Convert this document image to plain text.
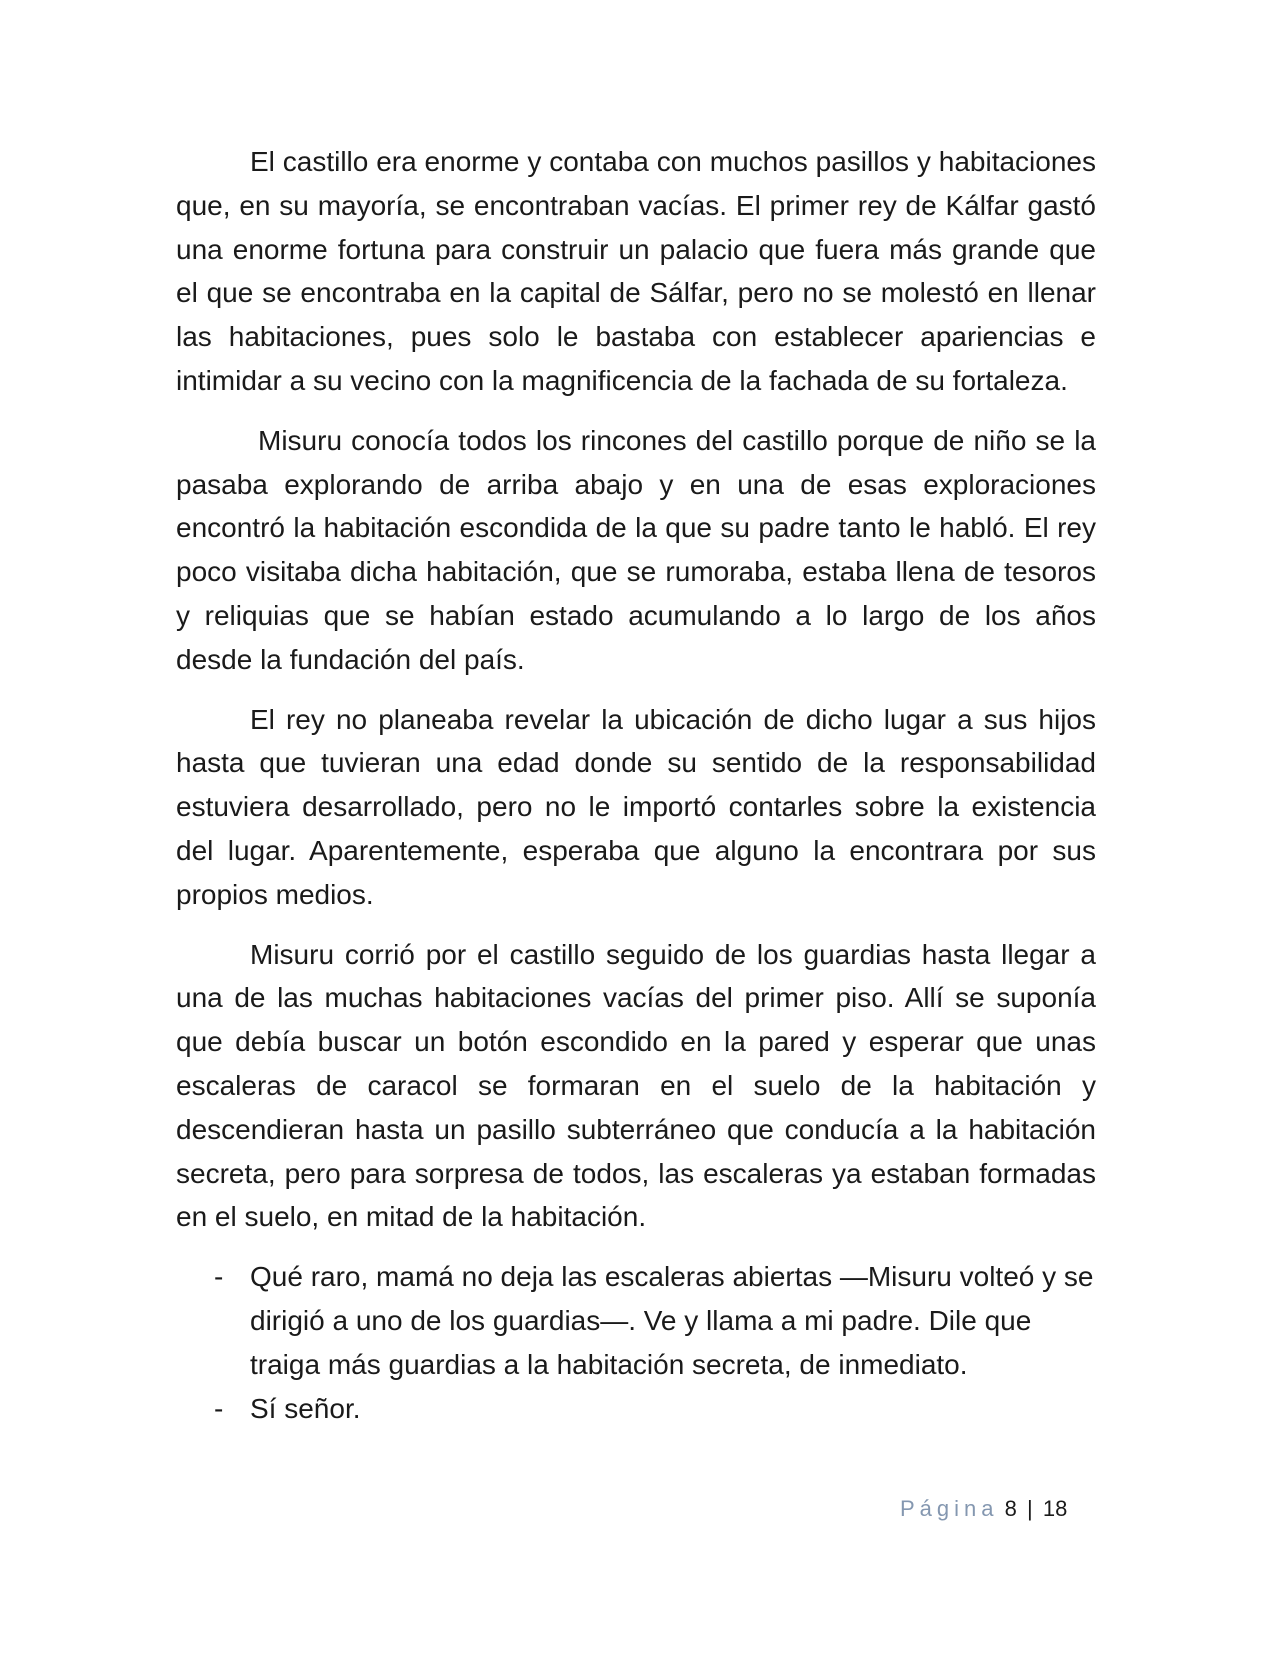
El castillo era enorme y contaba con muchos pasillos y habitaciones que, en su mayoría, se encontraban vacías. El primer rey de Kálfar gastó una enorme fortuna para construir un palacio que fuera más grande que el que se encontraba en la capital de Sálfar, pero no se molestó en llenar las habitaciones, pues solo le bastaba con establecer apariencias e intimidar a su vecino con la magnificencia de la fachada de su fortaleza.

Misuru conocía todos los rincones del castillo porque de niño se la pasaba explorando de arriba abajo y en una de esas exploraciones encontró la habitación escondida de la que su padre tanto le habló. El rey poco visitaba dicha habitación, que se rumoraba, estaba llena de tesoros y reliquias que se habían estado acumulando a lo largo de los años desde la fundación del país.

El rey no planeaba revelar la ubicación de dicho lugar a sus hijos hasta que tuvieran una edad donde su sentido de la responsabilidad estuviera desarrollado, pero no le importó contarles sobre la existencia del lugar. Aparentemente, esperaba que alguno la encontrara por sus propios medios.

Misuru corrió por el castillo seguido de los guardias hasta llegar a una de las muchas habitaciones vacías del primer piso. Allí se suponía que debía buscar un botón escondido en la pared y esperar que unas escaleras de caracol se formaran en el suelo de la habitación y descendieran hasta un pasillo subterráneo que conducía a la habitación secreta, pero para sorpresa de todos, las escaleras ya estaban formadas en el suelo, en mitad de la habitación.

- Qué raro, mamá no deja las escaleras abiertas —Misuru volteó y se dirigió a uno de los guardias—. Ve y llama a mi padre. Dile que traiga más guardias a la habitación secreta, de inmediato.
- Sí señor.
Página 8 | 18
